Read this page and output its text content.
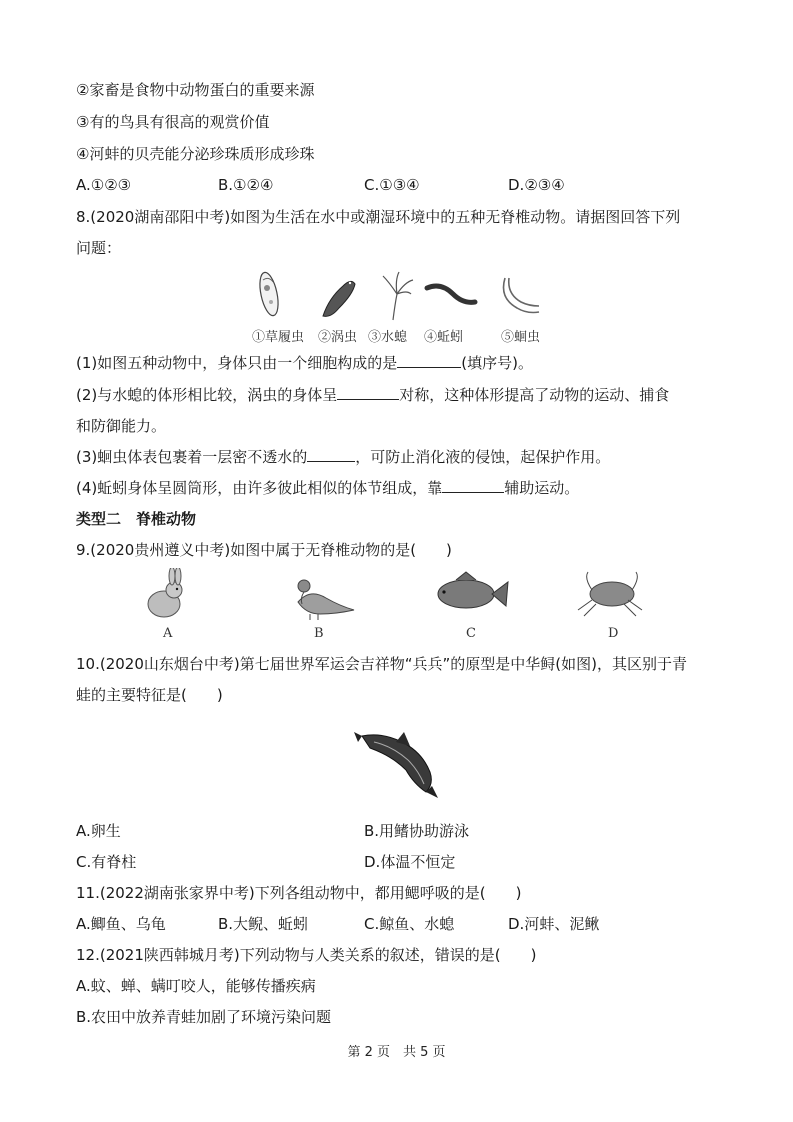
②家畜是食物中动物蛋白的重要来源
③有的鸟具有很高的观赏价值
④河蚌的贝壳能分泌珍珠质形成珍珠
A.①②③	B.①②④	C.①③④	D.②③④
8.(2020湖南邵阳中考)如图为生活在水中或潮湿环境中的五种无脊椎动物。请据图回答下列
问题：
①草履虫 ②涡虫 ③水螅 ④蚯蚓	⑤蛔虫
(1)如图五种动物中，身体只由一个细胞构成的是	(填序号)。
(2)与水螅的体形相比较，涡虫的身体呈	对称，这种体形提高了动物的运动、捕食
和防御能力。
(3)蛔虫体表包裹着一层密不透水的	，可防止消化液的侵蚀，起保护作用。
(4)蚯蚓身体呈圆筒形，由许多彼此相似的体节组成，靠	辅助运动。
类型二　脊椎动物
9.(2020贵州遵义中考)如图中属于无脊椎动物的是(　　)
A	B	C	D
10.(2020山东烟台中考)第七届世界军运会吉祥物“兵兵”的原型是中华鲟(如图)，其区别于青
蛙的主要特征是(　　)
A.卵生	B.用鳍协助游泳
C.有脊柱	D.体温不恒定
11.(2022湖南张家界中考)下列各组动物中，都用鳃呼吸的是(　　)
A.鲫鱼、乌龟	B.大鲵、蚯蚓	C.鲸鱼、水螅	D.河蚌、泥鳅
12.(2021陕西韩城月考)下列动物与人类关系的叙述，错误的是(　　)
A.蚊、蝉、螨叮咬人，能够传播疾病
B.农田中放养青蛙加剧了环境污染问题
第 2 页　共 5 页
